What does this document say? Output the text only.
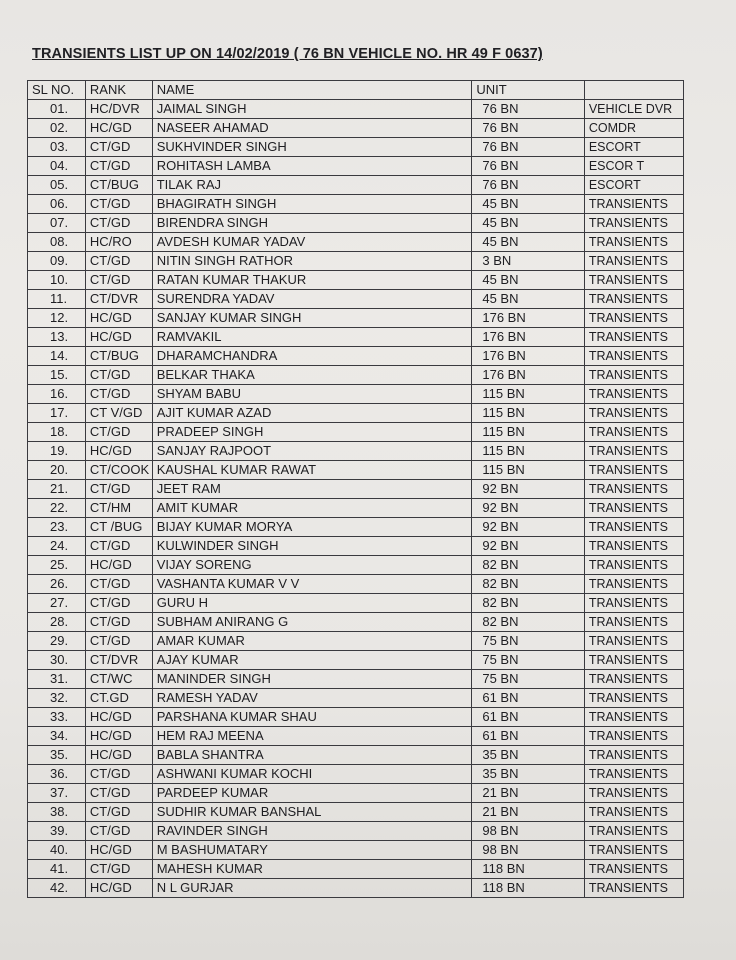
TRANSIENTS LIST UP ON 14/02/2019 ( 76 BN VEHICLE NO. HR 49 F 0637)
SL NO.	RANK	NAME	UNIT	
01.	HC/DVR	JAIMAL SINGH	76 BN	VEHICLE DVR
02.	HC/GD	NASEER AHAMAD	76 BN	COMDR
03.	CT/GD	SUKHVINDER SINGH	76 BN	ESCORT
04.	CT/GD	ROHITASH LAMBA	76 BN	ESCOR T
05.	CT/BUG	TILAK RAJ	76 BN	ESCORT
06.	CT/GD	BHAGIRATH SINGH	45 BN	TRANSIENTS
07.	CT/GD	BIRENDRA SINGH	45 BN	TRANSIENTS
08.	HC/RO	AVDESH KUMAR YADAV	45 BN	TRANSIENTS
09.	CT/GD	NITIN SINGH RATHOR	3 BN	TRANSIENTS
10.	CT/GD	RATAN KUMAR THAKUR	45 BN	TRANSIENTS
11.	CT/DVR	SURENDRA YADAV	45 BN	TRANSIENTS
12.	HC/GD	SANJAY KUMAR SINGH	176 BN	TRANSIENTS
13.	HC/GD	RAMVAKIL	176 BN	TRANSIENTS
14.	CT/BUG	DHARAMCHANDRA	176 BN	TRANSIENTS
15.	CT/GD	BELKAR THAKA	176 BN	TRANSIENTS
16.	CT/GD	SHYAM BABU	115 BN	TRANSIENTS
17.	CT V/GD	AJIT KUMAR AZAD	115 BN	TRANSIENTS
18.	CT/GD	PRADEEP SINGH	115 BN	TRANSIENTS
19.	HC/GD	SANJAY RAJPOOT	115 BN	TRANSIENTS
20.	CT/COOK	KAUSHAL KUMAR RAWAT	115 BN	TRANSIENTS
21.	CT/GD	JEET RAM	92 BN	TRANSIENTS
22.	CT/HM	AMIT KUMAR	92 BN	TRANSIENTS
23.	CT /BUG	BIJAY KUMAR MORYA	92 BN	TRANSIENTS
24.	CT/GD	KULWINDER SINGH	92 BN	TRANSIENTS
25.	HC/GD	VIJAY SORENG	82 BN	TRANSIENTS
26.	CT/GD	VASHANTA KUMAR V V	82 BN	TRANSIENTS
27.	CT/GD	GURU H	82 BN	TRANSIENTS
28.	CT/GD	SUBHAM ANIRANG G	82 BN	TRANSIENTS
29.	CT/GD	AMAR KUMAR	75 BN	TRANSIENTS
30.	CT/DVR	AJAY KUMAR	75 BN	TRANSIENTS
31.	CT/WC	MANINDER SINGH	75 BN	TRANSIENTS
32.	CT.GD	RAMESH YADAV	61 BN	TRANSIENTS
33.	HC/GD	PARSHANA KUMAR SHAU	61 BN	TRANSIENTS
34.	HC/GD	HEM RAJ MEENA	61 BN	TRANSIENTS
35.	HC/GD	BABLA SHANTRA	35 BN	TRANSIENTS
36.	CT/GD	ASHWANI KUMAR KOCHI	35 BN	TRANSIENTS
37.	CT/GD	PARDEEP KUMAR	21 BN	TRANSIENTS
38.	CT/GD	SUDHIR KUMAR BANSHAL	21 BN	TRANSIENTS
39.	CT/GD	RAVINDER SINGH	98 BN	TRANSIENTS
40.	HC/GD	M BASHUMATARY	98 BN	TRANSIENTS
41.	CT/GD	MAHESH KUMAR	118 BN	TRANSIENTS
42.	HC/GD	N L GURJAR	118 BN	TRANSIENTS
